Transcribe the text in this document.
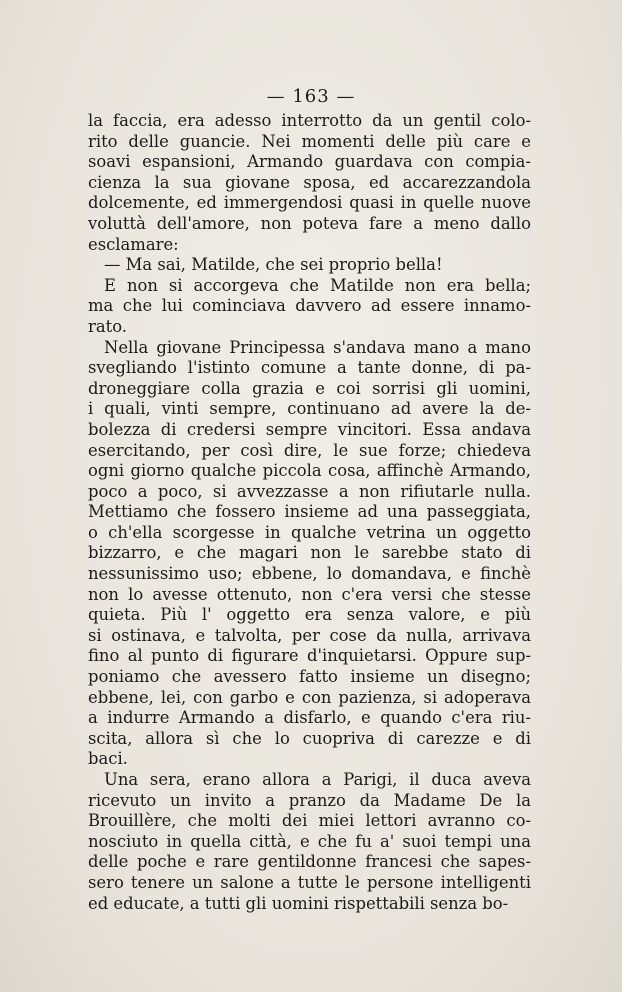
— 163 —
la faccia, era adesso interrotto da un gentil colo-
rito delle guancie. Nei momenti delle più care e
soavi espansioni, Armando guardava con compia-
cienza la sua giovane sposa, ed accarezzandola
dolcemente, ed immergendosi quasi in quelle nuove
voluttà dell'amore, non poteva fare a meno dallo
esclamare:
— Ma sai, Matilde, che sei proprio bella!
E non si accorgeva che Matilde non era bella;
ma che lui cominciava davvero ad essere innamo-
rato.
Nella giovane Principessa s'andava mano a mano
svegliando l'istinto comune a tante donne, di pa-
droneggiare colla grazia e coi sorrisi gli uomini,
i quali, vinti sempre, continuano ad avere la de-
bolezza di credersi sempre vincitori. Essa andava
esercitando, per così dire, le sue forze; chiedeva
ogni giorno qualche piccola cosa, affinchè Armando,
poco a poco, si avvezzasse a non rifiutarle nulla.
Mettiamo che fossero insieme ad una passeggiata,
o ch'ella scorgesse in qualche vetrina un oggetto
bizzarro, e che magari non le sarebbe stato di
nessunissimo uso; ebbene, lo domandava, e finchè
non lo avesse ottenuto, non c'era versi che stesse
quieta. Più l' oggetto era senza valore, e più
si ostinava, e talvolta, per cose da nulla, arrivava
fino al punto di figurare d'inquietarsi. Oppure sup-
poniamo che avessero fatto insieme un disegno;
ebbene, lei, con garbo e con pazienza, si adoperava
a indurre Armando a disfarlo, e quando c'era riu-
scita, allora sì che lo cuopriva di carezze e di
baci.
Una sera, erano allora a Parigi, il duca aveva
ricevuto un invito a pranzo da Madame De la
Brouillère, che molti dei miei lettori avranno co-
nosciuto in quella città, e che fu a' suoi tempi una
delle poche e rare gentildonne francesi che sapes-
sero tenere un salone a tutte le persone intelligenti
ed educate, a tutti gli uomini rispettabili senza bo-
